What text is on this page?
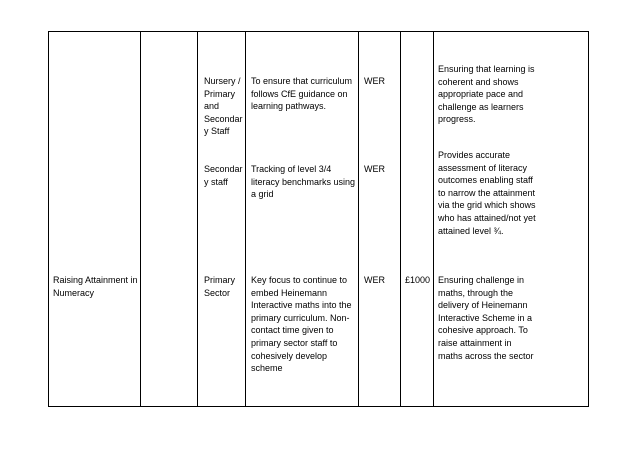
Nursery / Primary and Secondar y Staff
To ensure that curriculum follows CfE guidance on learning pathways.
WER
Ensuring that learning is coherent and shows appropriate pace and challenge as learners progress.
Secondar y staff
Tracking of level 3/4 literacy benchmarks using a grid
WER
Provides accurate assessment of literacy outcomes enabling staff to narrow the attainment via the grid which shows who has attained/not yet attained level ¾.
Raising Attainment in Numeracy
Primary Sector
Key focus to continue to embed Heinemann Interactive maths into the primary curriculum. Non-contact time given to primary sector staff to cohesively develop scheme
WER	£1000 Ensuring challenge in maths, through the delivery of Heinemann Interactive Scheme in a cohesive approach. To raise attainment in maths across the sector
